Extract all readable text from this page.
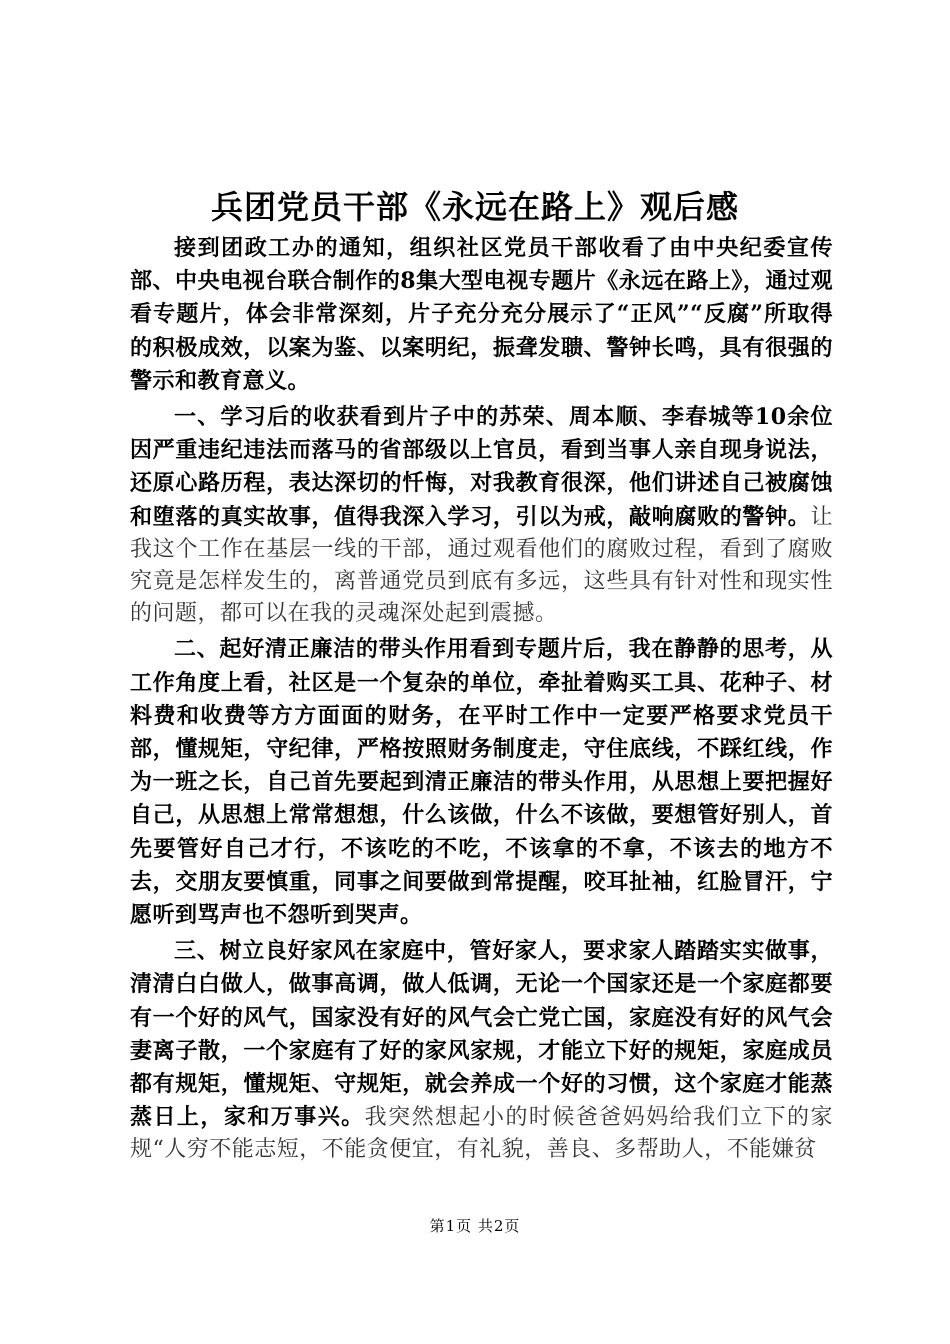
兵团党员干部《永远在路上》观后感

接到团政工办的通知，组织社区党员干部收看了由中央纪委宣传部、中央电视台联合制作的8集大型电视专题片《永远在路上》，通过观看专题片，体会非常深刻，片子充分充分展示了“正风”“反腐”所取得的积极成效，以案为鉴、以案明纪，振聋发聩、警钟长鸣，具有很强的警示和教育意义。

一、学习后的收获看到片子中的苏荣、周本顺、李春城等10余位因严重违纪违法而落马的省部级以上官员，看到当事人亲自现身说法，还原心路历程，表达深切的忏悔，对我教育很深，他们讲述自己被腐蚀和堕落的真实故事，值得我深入学习，引以为戒，敲响腐败的警钟。让我这个工作在基层一线的干部，通过观看他们的腐败过程，看到了腐败究竟是怎样发生的，离普通党员到底有多远，这些具有针对性和现实性的问题，都可以在我的灵魂深处起到震撼。

二、起好清正廉洁的带头作用看到专题片后，我在静静的思考，从工作角度上看，社区是一个复杂的单位，牵扯着购买工具、花种子、材料费和收费等方方面面的财务，在平时工作中一定要严格要求党员干部，懂规矩，守纪律，严格按照财务制度走，守住底线，不踩红线，作为一班之长，自己首先要起到清正廉洁的带头作用，从思想上要把握好自己，从思想上常常想想，什么该做，什么不该做，要想管好别人，首先要管好自己才行，不该吃的不吃，不该拿的不拿，不该去的地方不去，交朋友要慎重，同事之间要做到常提醒，咬耳扯袖，红脸冒汗，宁愿听到骂声也不怨听到哭声。

三、树立良好家风在家庭中，管好家人，要求家人踏踏实实做事，清清白白做人，做事高调，做人低调，无论一个国家还是一个家庭都要有一个好的风气，国家没有好的风气会亡党亡国，家庭没有好的风气会妻离子散，一个家庭有了好的家风家规，才能立下好的规矩，家庭成员都有规矩，懂规矩、守规矩，就会养成一个好的习惯，这个家庭才能蒸蒸日上，家和万事兴。我突然想起小的时候爸爸妈妈给我们立下的家规“人穷不能志短，不能贪便宜，有礼貌，善良、多帮助人，不能嫌贫

第1页 共2页
